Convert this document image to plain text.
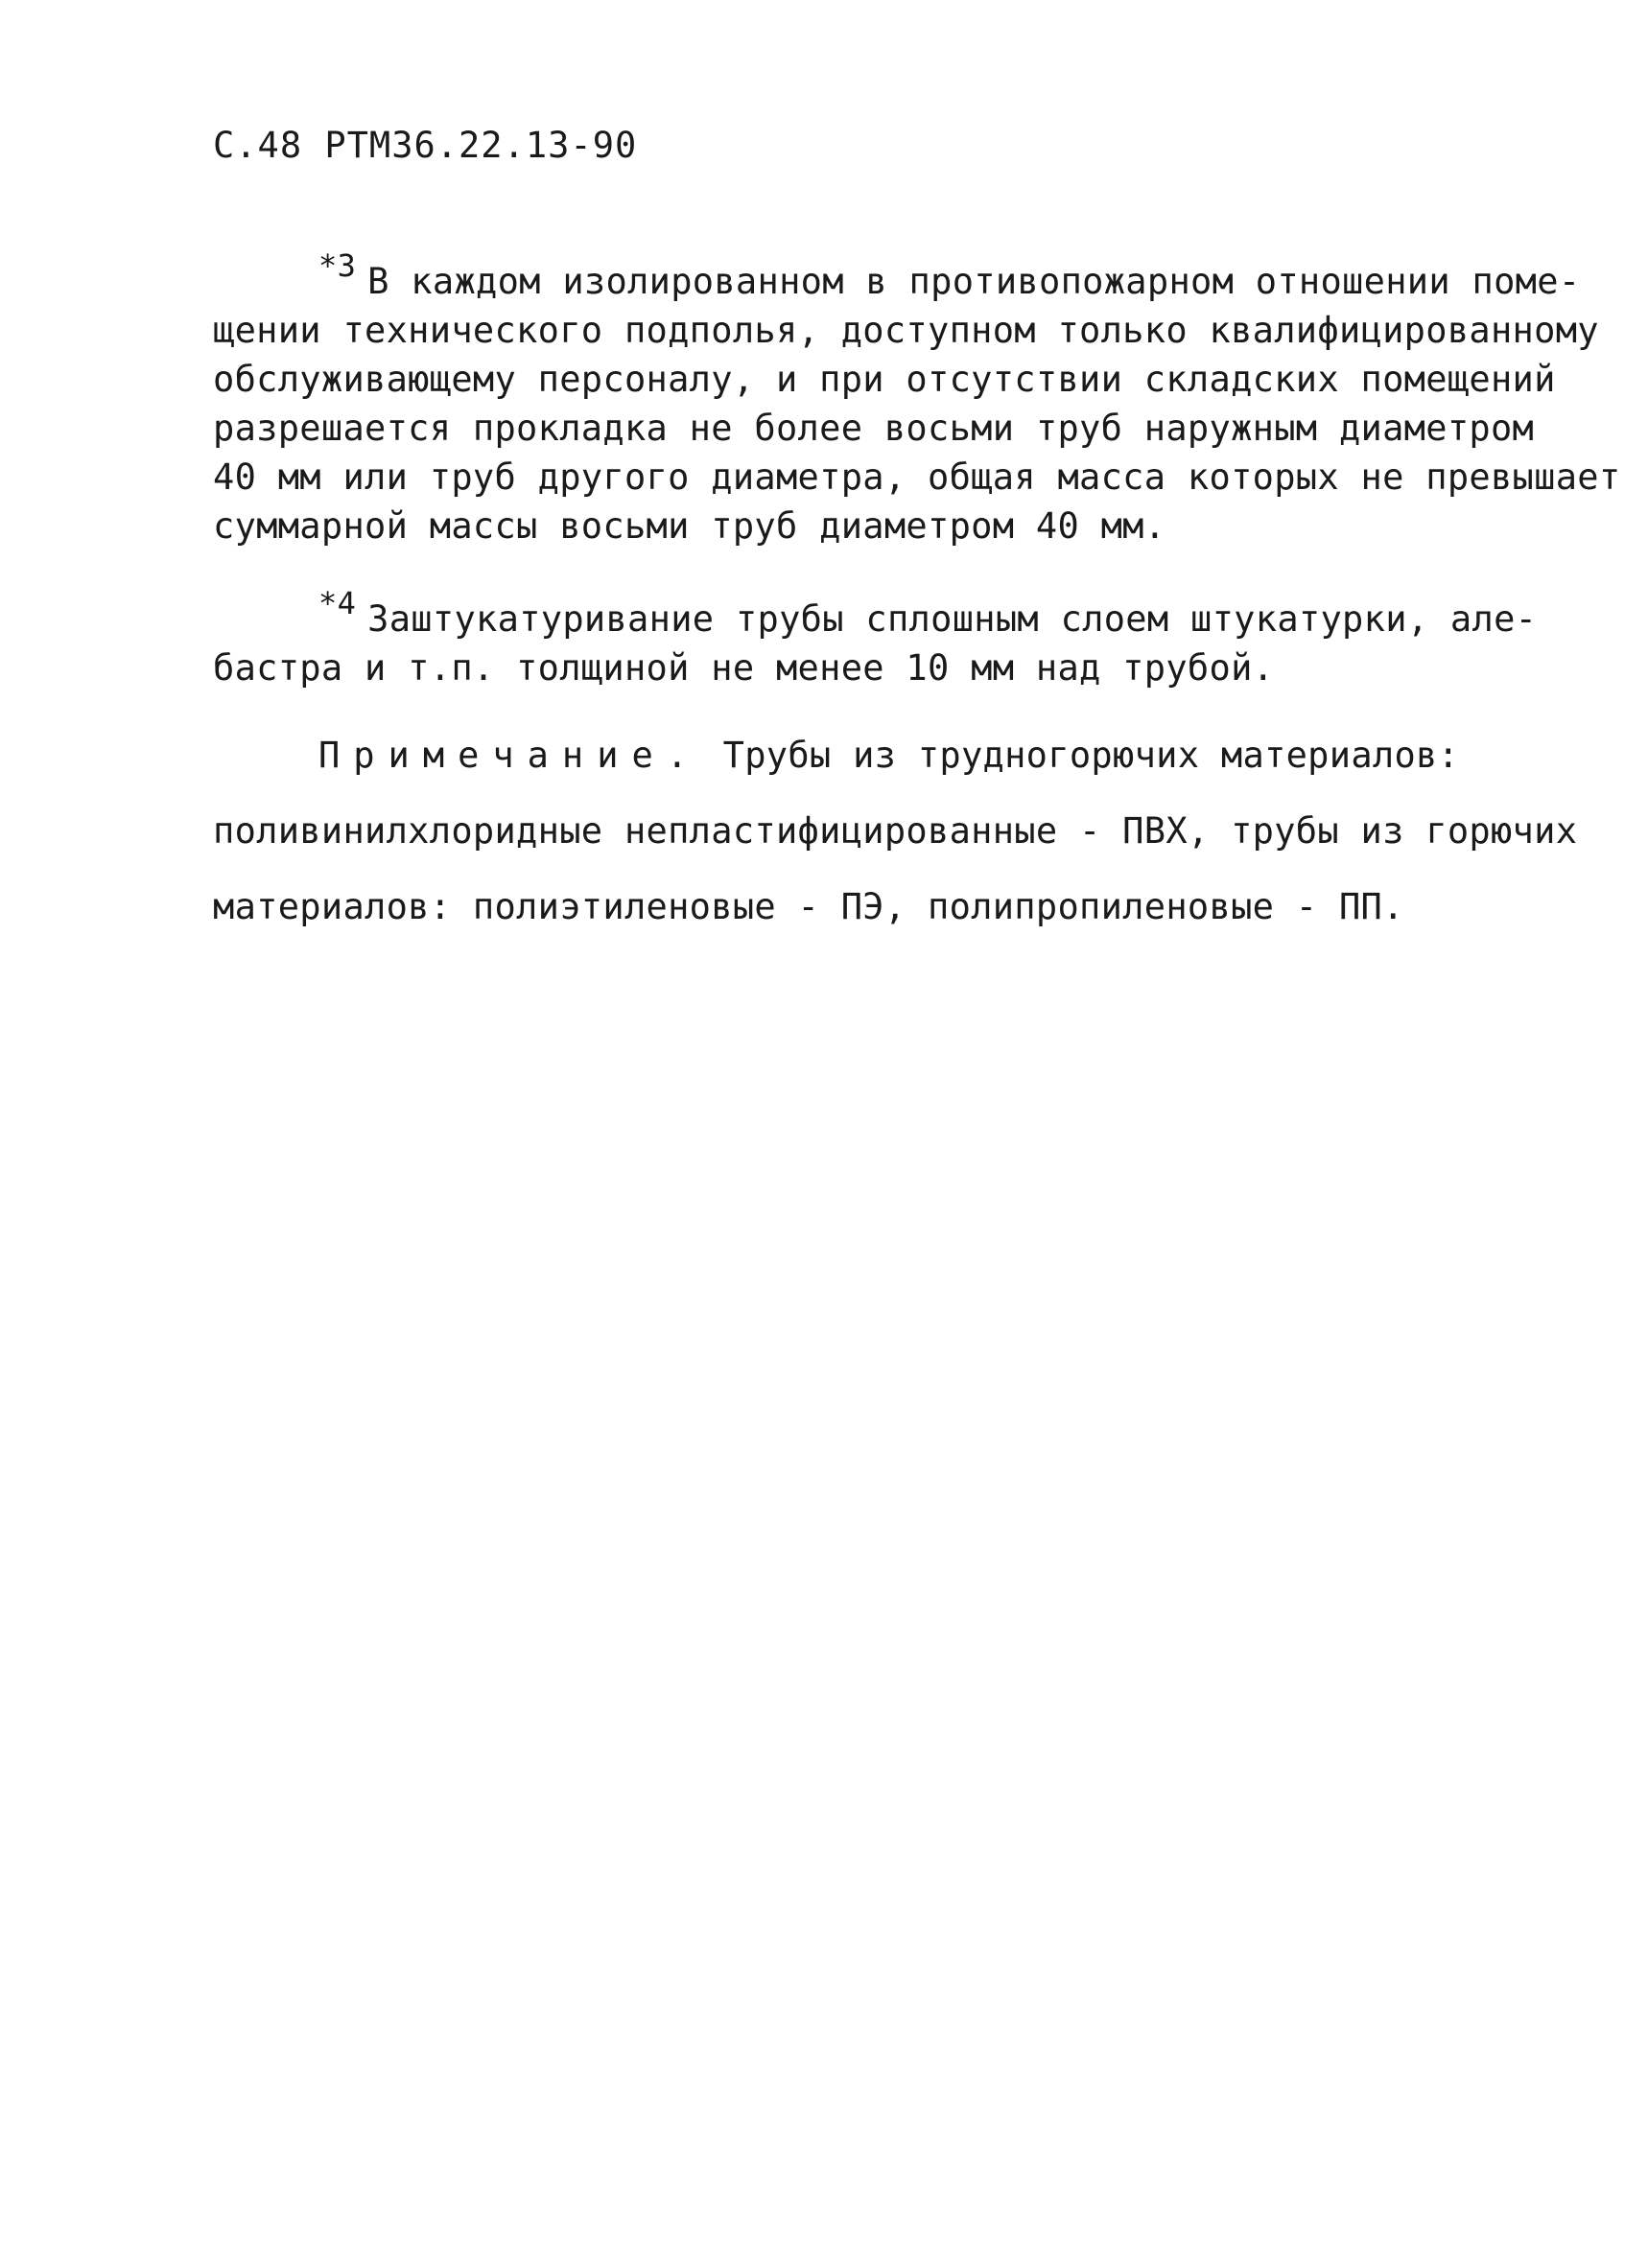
С.48 РТМ36.22.13-90
*3 В каждом изолированном в противопожарном отношении поме-
щении технического подполья, доступном только квалифицированному
обслуживающему персоналу, и при отсутствии складских помещений
разрешается прокладка не более восьми труб наружным диаметром
40 мм или труб другого диаметра, общая масса которых не превышает
суммарной массы восьми труб диаметром 40 мм.
*4 Заштукатуривание трубы сплошным слоем штукатурки, але-
бастра и т.п. толщиной не менее 10 мм над трубой.
Примечание. Трубы из трудногорючих материалов:
поливинилхлоридные непластифицированные - ПВХ, трубы из горючих
материалов: полиэтиленовые - ПЭ, полипропиленовые - ПП.
